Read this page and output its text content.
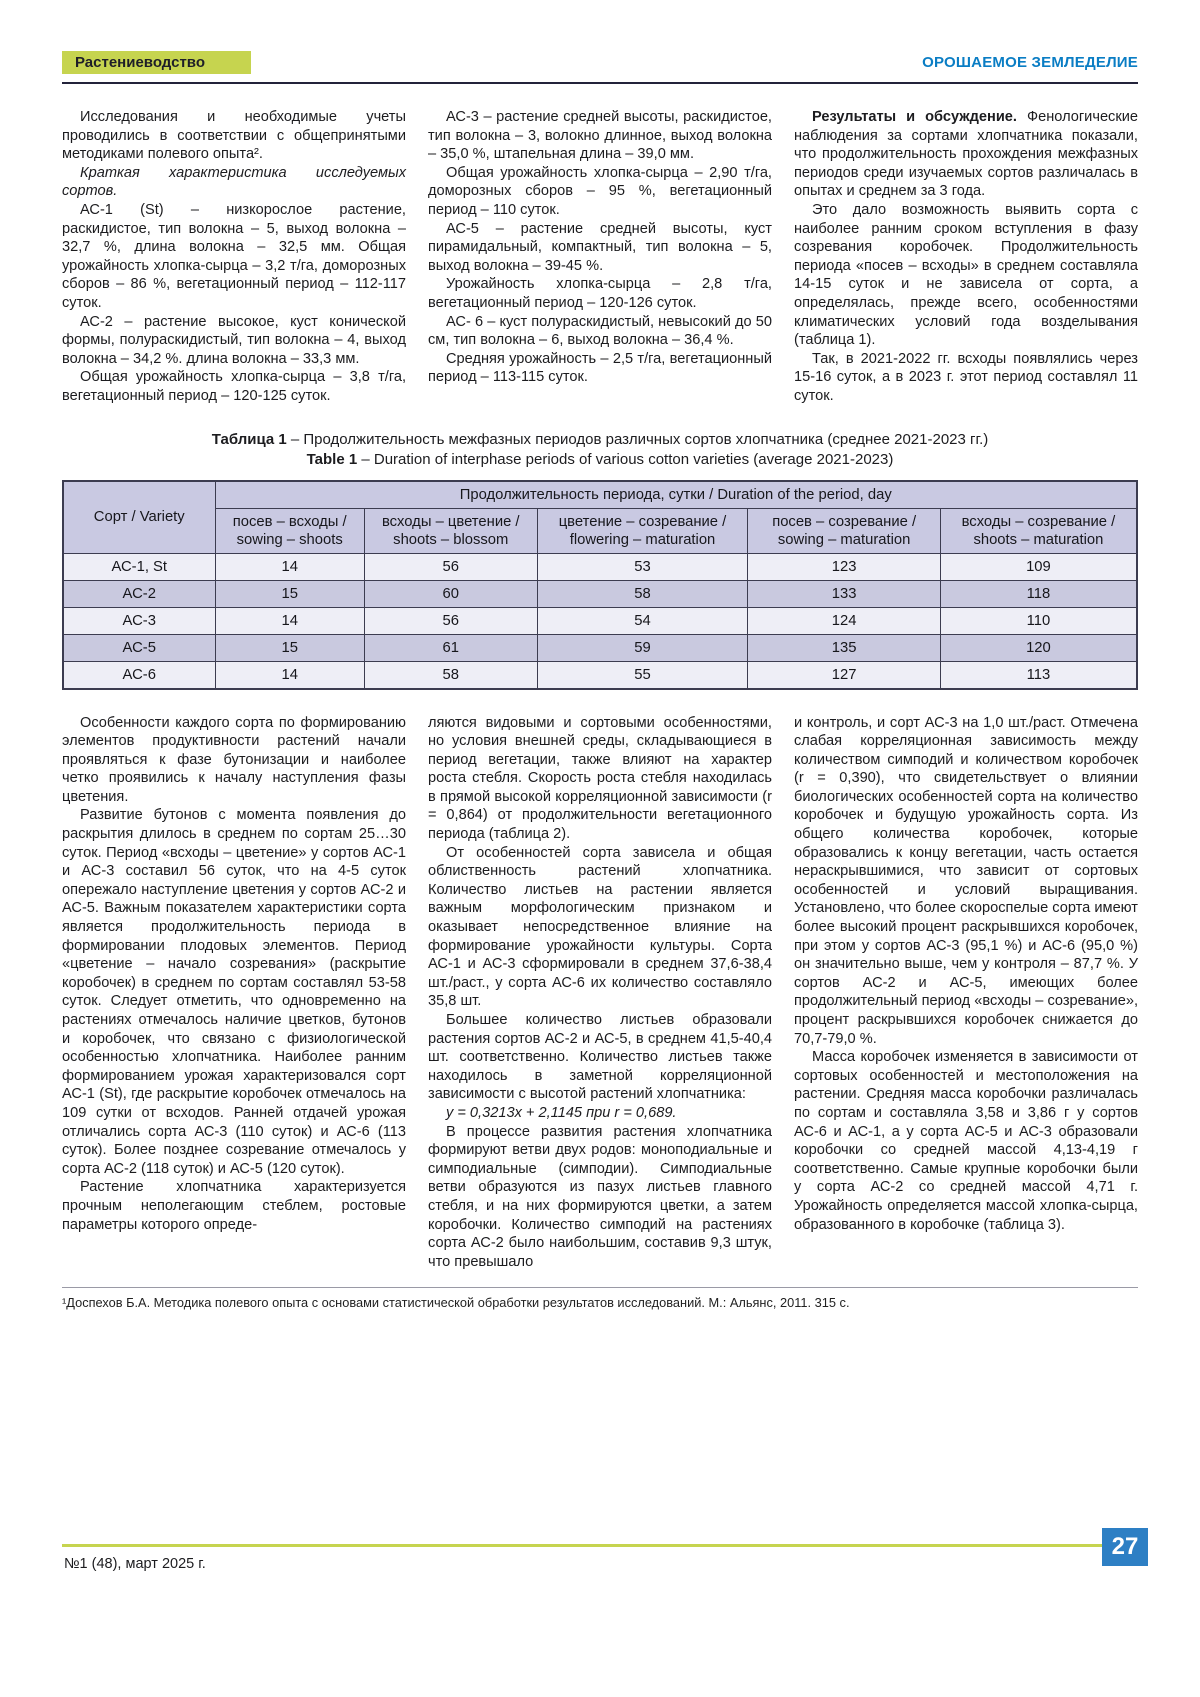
Растениеводство	ОРОШАЕМОЕ ЗЕМЛЕДЕЛИЕ

Исследования и необходимые учеты проводились в соответствии с общепринятыми методиками полевого опыта².

Краткая характеристика исследуемых сортов.

АС-1 (St) – низкорослое растение, раскидистое, тип волокна – 5, выход волокна – 32,7 %, длина волокна – 32,5 мм. Общая урожайность хлопка-сырца – 3,2 т/га, доморозных сборов – 86 %, вегетационный период – 112-117 суток.

АС-2 – растение высокое, куст конической формы, полураскидистый, тип волокна – 4, выход волокна – 34,2 %. длина волокна – 33,3 мм.

Общая урожайность хлопка-сырца – 3,8 т/га, вегетационный период – 120-125 суток.

АС-3 – растение средней высоты, раскидистое, тип волокна – 3, волокно длинное, выход волокна – 35,0 %, штапельная длина – 39,0 мм.

Общая урожайность хлопка-сырца – 2,90 т/га, доморозных сборов – 95 %, вегетационный период – 110 суток.

АС-5 – растение средней высоты, куст пирамидальный, компактный, тип волокна – 5, выход волокна – 39-45 %.

Урожайность хлопка-сырца – 2,8 т/га, вегетационный период – 120-126 суток.

АС- 6 – куст полураскидистый, невысокий до 50 см, тип волокна – 6, выход волокна – 36,4 %.

Средняя урожайность – 2,5 т/га, вегетационный период – 113-115 суток.

Результаты и обсуждение. Фенологические наблюдения за сортами хлопчатника показали, что продолжительность прохождения межфазных периодов среди изучаемых сортов различалась в опытах и среднем за 3 года.

Это дало возможность выявить сорта с наиболее ранним сроком вступления в фазу созревания коробочек. Продолжительность периода «посев – всходы» в среднем составляла 14-15 суток и не зависела от сорта, а определялась, прежде всего, особенностями климатических условий года возделывания (таблица 1).

Так, в 2021-2022 гг. всходы появлялись через 15-16 суток, а в 2023 г. этот период составлял 11 суток.

Таблица 1 – Продолжительность межфазных периодов различных сортов хлопчатника (среднее 2021-2023 гг.)

Table 1 – Duration of interphase periods of various cotton varieties (average 2021-2023)

Сорт / Variety	Продолжительность периода, сутки / Duration of the period, day				
	посев – всходы / sowing – shoots	всходы – цветение / shoots – blossom	цветение – созревание / flowering – maturation	посев – созревание / sowing – maturation	всходы – созревание / shoots – maturation
АС-1, St	14	56	53	123	109
АС-2	15	60	58	133	118
АС-3	14	56	54	124	110
АС-5	15	61	59	135	120
АС-6	14	58	55	127	113

Особенности каждого сорта по формированию элементов продуктивности растений начали проявляться к фазе бутонизации и наиболее четко проявились к началу наступления фазы цветения.

Развитие бутонов с момента появления до раскрытия длилось в среднем по сортам 25…30 суток. Период «всходы – цветение» у сортов АС-1 и АС-3 составил 56 суток, что на 4-5 суток опережало наступление цветения у сортов АС-2 и АС-5. Важным показателем характеристики сорта является продолжительность периода в формировании плодовых элементов. Период «цветение – начало созревания» (раскрытие коробочек) в среднем по сортам составлял 53-58 суток. Следует отметить, что одновременно на растениях отмечалось наличие цветков, бутонов и коробочек, что связано с физиологической особенностью хлопчатника. Наиболее ранним формированием урожая характеризовался сорт АС-1 (St), где раскрытие коробочек отмечалось на 109 сутки от всходов. Ранней отдачей урожая отличались сорта АС-3 (110 суток) и АС-6 (113 суток). Более позднее созревание отмечалось у сорта АС-2 (118 суток) и АС-5 (120 суток).

Растение хлопчатника характеризуется прочным неполегающим стеблем, ростовые параметры которого опреде-

ляются видовыми и сортовыми особенностями, но условия внешней среды, складывающиеся в период вегетации, также влияют на характер роста стебля. Скорость роста стебля находилась в прямой высокой корреляционной зависимости (r = 0,864) от продолжительности вегетационного периода (таблица 2).

От особенностей сорта зависела и общая облиственность растений хлопчатника. Количество листьев на растении является важным морфологическим признаком и оказывает непосредственное влияние на формирование урожайности культуры. Сорта АС-1 и АС-3 сформировали в среднем 37,6-38,4 шт./раст., у сорта АС-6 их количество составляло 35,8 шт.

Большее количество листьев образовали растения сортов АС-2 и АС-5, в среднем 41,5-40,4 шт. соответственно. Количество листьев также находилось в заметной корреляционной зависимости с высотой растений хлопчатника:

y = 0,3213x + 2,1145 при r = 0,689.

В процессе развития растения хлопчатника формируют ветви двух родов: моноподиальные и симподиальные (симподии). Симподиальные ветви образуются из пазух листьев главного стебля, и на них формируются цветки, а затем коробочки. Количество симподий на растениях сорта АС-2 было наибольшим, составив 9,3 штук, что превышало

и контроль, и сорт АС-3 на 1,0 шт./раст. Отмечена слабая корреляционная зависимость между количеством симподий и количеством коробочек (r = 0,390), что свидетельствует о влиянии биологических особенностей сорта на количество коробочек и будущую урожайность сорта. Из общего количества коробочек, которые образовались к концу вегетации, часть остается нераскрывшимися, что зависит от сортовых особенностей и условий выращивания. Установлено, что более скороспелые сорта имеют более высокий процент раскрывшихся коробочек, при этом у сортов АС-3 (95,1 %) и АС-6 (95,0 %) он значительно выше, чем у контроля – 87,7 %. У сортов АС-2 и АС-5, имеющих более продолжительный период «всходы – созревание», процент раскрывшихся коробочек снижается до 70,7-79,0 %.

Масса коробочек изменяется в зависимости от сортовых особенностей и местоположения на растении. Средняя масса коробочки различалась по сортам и составляла 3,58 и 3,86 г у сортов АС-6 и АС-1, а у сорта АС-5 и АС-3 образовали коробочки со средней массой 4,13-4,19 г соответственно. Самые крупные коробочки были у сорта АС-2 со средней массой 4,71 г. Урожайность определяется массой хлопка-сырца, образованного в коробочке (таблица 3).

¹Доспехов Б.А. Методика полевого опыта с основами статистической обработки результатов исследований. М.: Альянс, 2011. 315 с.
№1 (48), март 2025 г.
27
